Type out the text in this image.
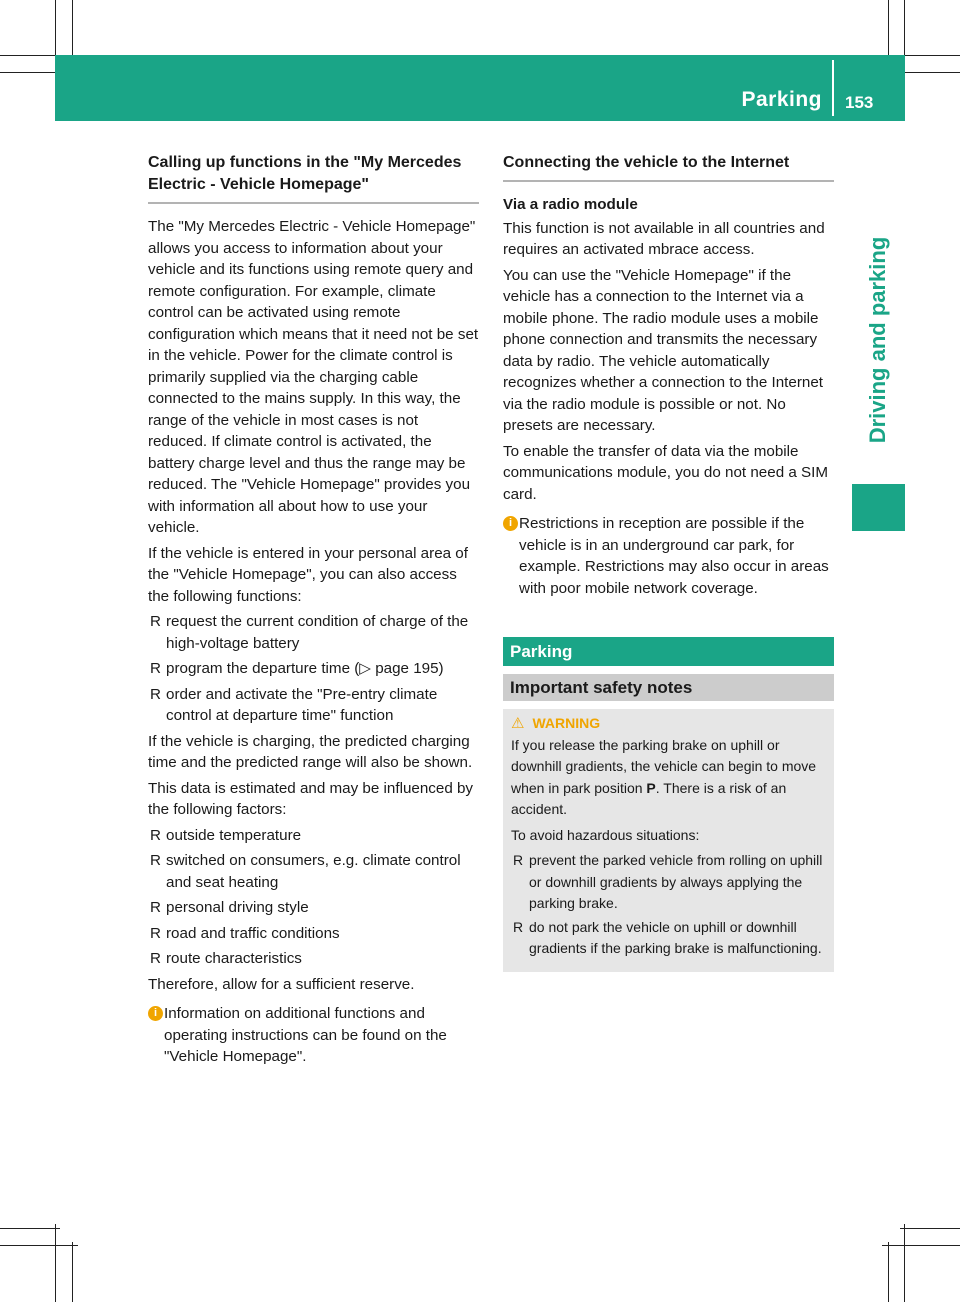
Parking 153
Driving and parking
Calling up functions in the "My Mercedes Electric - Vehicle Homepage"

The "My Mercedes Electric - Vehicle Homepage" allows you access to information about your vehicle and its functions using remote query and remote configuration. For example, climate control can be activated using remote configuration which means that it need not be set in the vehicle. Power for the climate control is primarily supplied via the charging cable connected to the mains supply. In this way, the range of the vehicle in most cases is not reduced. If climate control is activated, the battery charge level and thus the range may be reduced. The "Vehicle Homepage" provides you with information all about how to use your vehicle.

If the vehicle is entered in your personal area of the "Vehicle Homepage", you can also access the following functions:

R request the current condition of charge of the high-voltage battery
R program the departure time (▷ page 195)
R order and activate the "Pre-entry climate control at departure time" function

If the vehicle is charging, the predicted charging time and the predicted range will also be shown.

This data is estimated and may be influenced by the following factors:

R outside temperature
R switched on consumers, e.g. climate control and seat heating
R personal driving style
R road and traffic conditions
R route characteristics

Therefore, allow for a sufficient reserve.

i Information on additional functions and operating instructions can be found on the "Vehicle Homepage".
Connecting the vehicle to the Internet
Via a radio module

This function is not available in all countries and requires an activated mbrace access.

You can use the "Vehicle Homepage" if the vehicle has a connection to the Internet via a mobile phone. The radio module uses a mobile phone connection and transmits the necessary data by radio. The vehicle automatically recognizes whether a connection to the Internet via the radio module is possible or not. No presets are necessary.

To enable the transfer of data via the mobile communications module, you do not need a SIM card.

i Restrictions in reception are possible if the vehicle is in an underground car park, for example. Restrictions may also occur in areas with poor mobile network coverage.
Parking
Important safety notes
⚠ WARNING

If you release the parking brake on uphill or downhill gradients, the vehicle can begin to move when in park position P. There is a risk of an accident.

To avoid hazardous situations:

R prevent the parked vehicle from rolling on uphill or downhill gradients by always applying the parking brake.
R do not park the vehicle on uphill or downhill gradients if the parking brake is malfunctioning.
